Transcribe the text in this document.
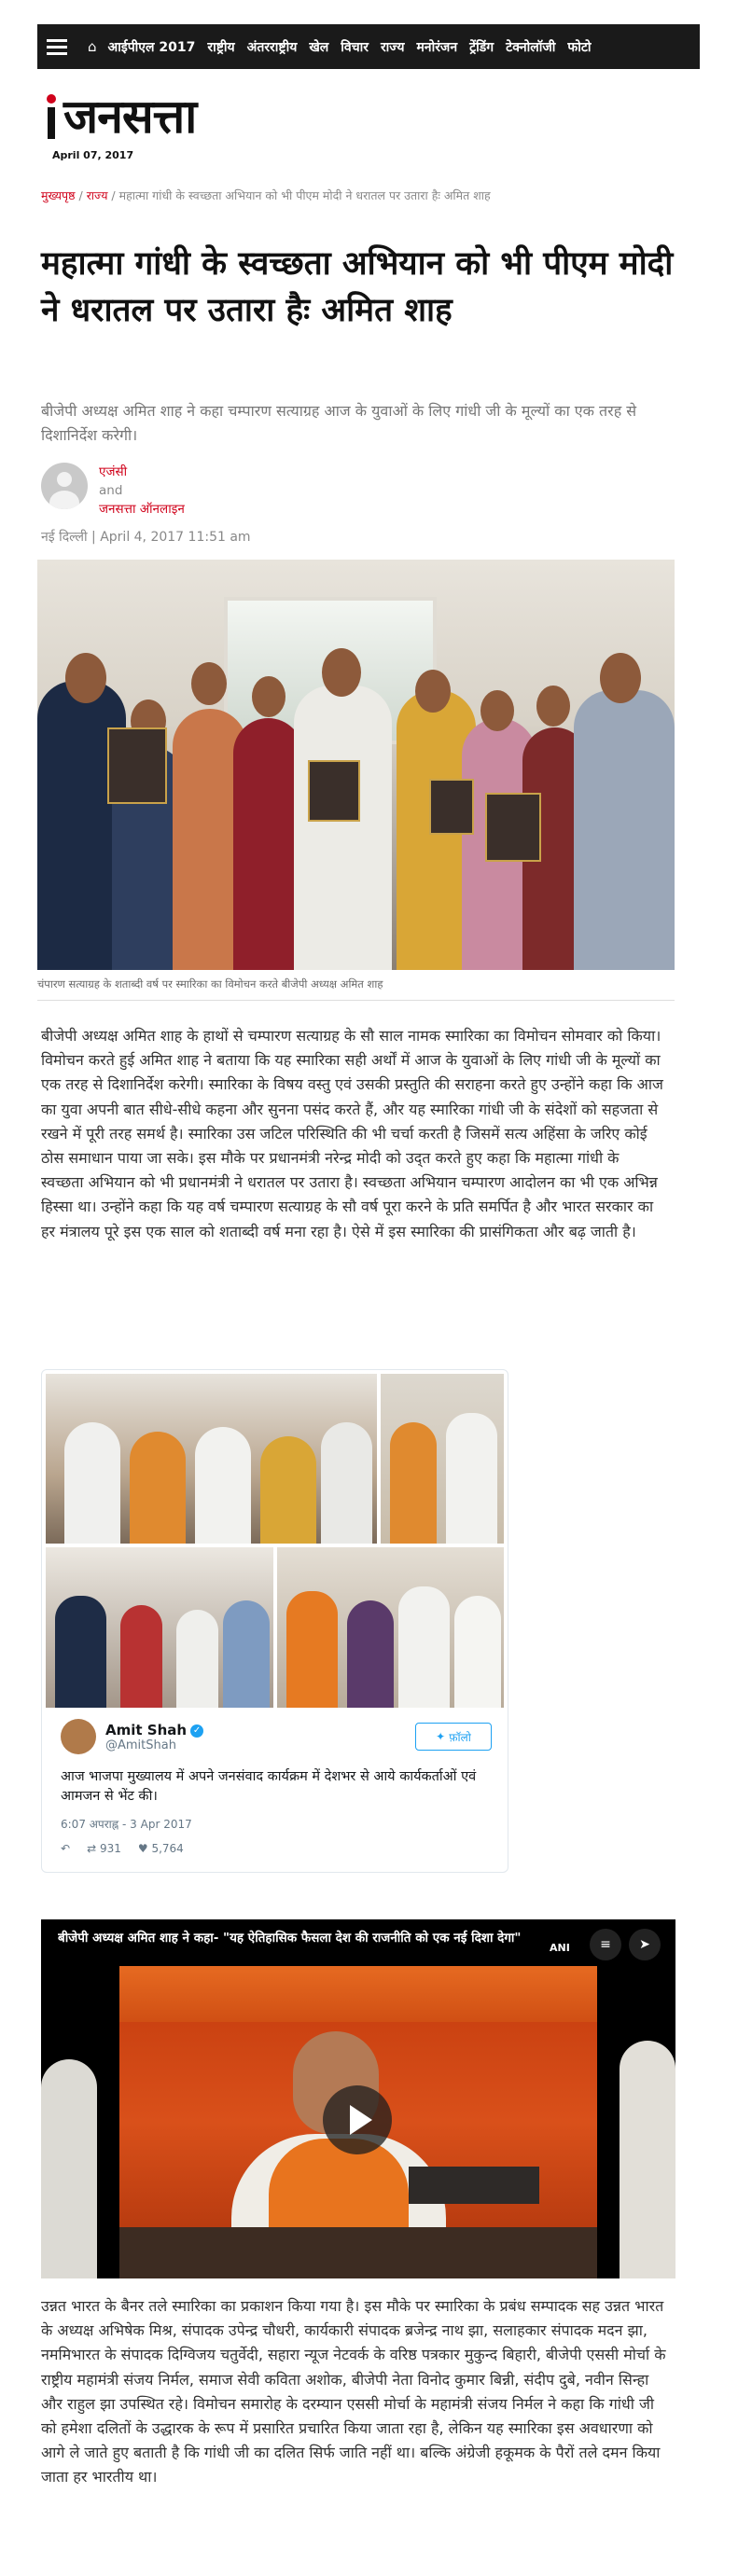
⌂ आईपीएल 2017 राष्ट्रीय अंतरराष्ट्रीय खेल विचार राज्य मनोरंजन ट्रेंडिंग टेक्नोलॉजी फोटो
जनसत्ता
April 07, 2017
मुख्यपृष्ठ / राज्य / महात्मा गांधी के स्वच्छता अभियान को भी पीएम मोदी ने धरातल पर उतारा हैः अमित शाह
महात्मा गांधी के स्वच्छता अभियान को भी पीएम मोदी ने धरातल पर उतारा हैः अमित शाह
बीजेपी अध्यक्ष अमित शाह ने कहा चम्पारण सत्याग्रह आज के युवाओं के लिए गांधी जी के मूल्यों का एक तरह से दिशानिर्देश करेगी।
एजंसी
and
जनसत्ता ऑनलाइन
नई दिल्ली | April 4, 2017 11:51 am
चंपारण सत्याग्रह के शताब्दी वर्ष पर स्मारिका का विमोचन करते बीजेपी अध्यक्ष अमित शाह
बीजेपी अध्यक्ष अमित शाह के हाथों से चम्पारण सत्याग्रह के सौ साल नामक स्मारिका का विमोचन सोमवार को किया। विमोचन करते हुई अमित शाह ने बताया कि यह स्मारिका सही अर्थों में आज के युवाओं के लिए गांधी जी के मूल्यों का एक तरह से दिशानिर्देश करेगी। स्मारिका के विषय वस्तु एवं उसकी प्रस्तुति की सराहना करते हुए उन्होंने कहा कि आज का युवा अपनी बात सीधे-सीधे कहना और सुनना पसंद करते हैं, और यह स्मारिका गांधी जी के संदेशों को सहजता से रखने में पूरी तरह समर्थ है। स्मारिका उस जटिल परिस्थिति की भी चर्चा करती है जिसमें सत्य अहिंसा के जरिए कोई ठोस समाधान पाया जा सके। इस मौके पर प्रधानमंत्री नरेन्द्र मोदी को उद्त करते हुए कहा कि महात्मा गांधी के स्वच्छता अभियान को भी प्रधानमंत्री ने धरातल पर उतारा है। स्वच्छता अभियान चम्पारण आदोलन का भी एक अभिन्न हिस्सा था। उन्होंने कहा कि यह वर्ष चम्पारण सत्याग्रह के सौ वर्ष पूरा करने के प्रति समर्पित है और भारत सरकार का हर मंत्रालय पूरे इस एक साल को शताब्दी वर्ष मना रहा है। ऐसे में इस स्मारिका की प्रासंगिकता और बढ़ जाती है।
Amit Shah ✓
@AmitShah
✦ फ़ॉलो
आज भाजपा मुख्यालय में अपने जनसंवाद कार्यक्रम में देशभर से आये कार्यकर्ताओं एवं आमजन से भेंट की।
6:07 अपराह्न - 3 Apr 2017
↶ ⇄ 931 ♥ 5,764
बीजेपी अध्यक्ष अमित शाह ने कहा- "यह ऐतिहासिक फैसला देश की राजनीति को एक नई दिशा देगा"
ANI	≡	➤
उन्नत भारत के बैनर तले स्मारिका का प्रकाशन किया गया है। इस मौके पर स्मारिका के प्रबंध सम्पादक सह उन्नत भारत के अध्यक्ष अभिषेक मिश्र, संपादक उपेन्द्र चौधरी, कार्यकारी संपादक ब्रजेन्द्र नाथ झा, सलाहकार संपादक मदन झा, नममिभारत के संपादक दिग्विजय चतुर्वेदी, सहारा न्यूज नेटवर्क के वरिष्ठ पत्रकार मुकुन्द बिहारी, बीजेपी एससी मोर्चा के राष्ट्रीय महामंत्री संजय निर्मल, समाज सेवी कविता अशोक, बीजेपी नेता विनोद कुमार बिन्नी, संदीप दुबे, नवीन सिन्हा और राहुल झा उपस्थित रहे। विमोचन समारोह के दरम्यान एससी मोर्चा के महामंत्री संजय निर्मल ने कहा कि गांधी जी को हमेशा दलितों के उद्धारक के रूप में प्रसारित प्रचारित किया जाता रहा है, लेकिन यह स्मारिका इस अवधारणा को आगे ले जाते हुए बताती है कि गांधी जी का दलित सिर्फ जाति नहीं था। बल्कि अंग्रेजी हकूमक के पैरों तले दमन किया जाता हर भारतीय था।
